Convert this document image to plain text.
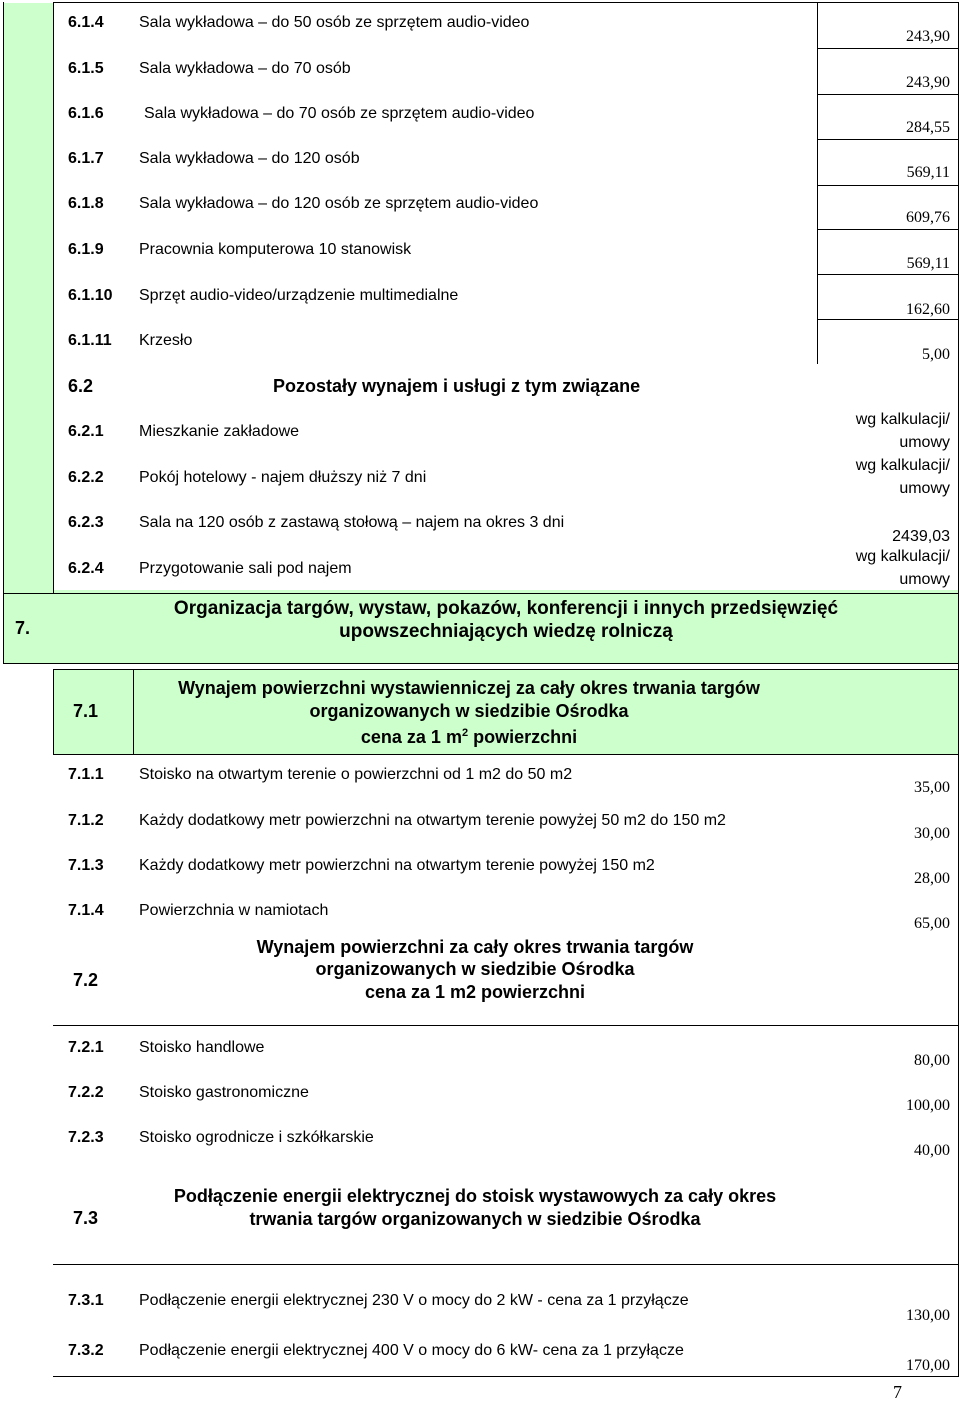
6.1.4 Sala wykładowa – do 50 osób ze sprzętem audio-video
243,90
6.1.5 Sala wykładowa – do 70 osób
243,90
6.1.6	Sala wykładowa – do 70 osób ze sprzętem audio-video
284,55
6.1.7 Sala wykładowa – do 120 osób
569,11
6.1.8 Sala wykładowa – do 120 osób ze sprzętem audio-video
609,76
6.1.9 Pracownia komputerowa 10 stanowisk
569,11
6.1.10 Sprzęt audio-video/urządzenie multimedialne
162,60
6.1.11 Krzesło
5,00
6.2	Pozostały wynajem i usługi z tym związane
6.2.1 Mieszkanie zakładowe
wg kalkulacji/
umowy
6.2.2 Pokój hotelowy - najem dłuższy niż 7 dni
wg kalkulacji/
umowy
6.2.3 Sala na 120 osób z zastawą stołową – najem na okres 3 dni
2439,03
6.2.4 Przygotowanie sali pod najem
wg kalkulacji/
umowy
7.
Organizacja targów, wystaw, pokazów, konferencji i innych przedsięwzięć
upowszechniających wiedzę rolniczą
7.1
Wynajem powierzchni wystawienniczej za cały okres trwania targów
organizowanych w siedzibie Ośrodka
cena za 1 $m^2$ powierzchni
7.1.1 Stoisko na otwartym terenie o powierzchni od 1 m2 do 50 m2
35,00
7.1.2 Każdy dodatkowy metr powierzchni na otwartym terenie powyżej 50 m2 do 150 m2
30,00
7.1.3 Każdy dodatkowy metr powierzchni na otwartym terenie powyżej 150 m2
28,00
7.1.4 Powierzchnia w namiotach
65,00
7.2
Wynajem powierzchni za cały okres trwania targów
organizowanych w siedzibie Ośrodka
cena za 1 m2 powierzchni
7.2.1 Stoisko handlowe
80,00
7.2.2 Stoisko gastronomiczne
100,00
7.2.3 Stoisko ogrodnicze i szkółkarskie
40,00
7.3
Podłączenie energii elektrycznej do stoisk wystawowych za cały okres
trwania targów organizowanych w siedzibie Ośrodka
7.3.1 Podłączenie energii elektrycznej 230 V o mocy do 2 kW - cena za 1 przyłącze
130,00
7.3.2 Podłączenie energii elektrycznej 400 V o mocy do 6 kW- cena za 1 przyłącze
170,00
7
